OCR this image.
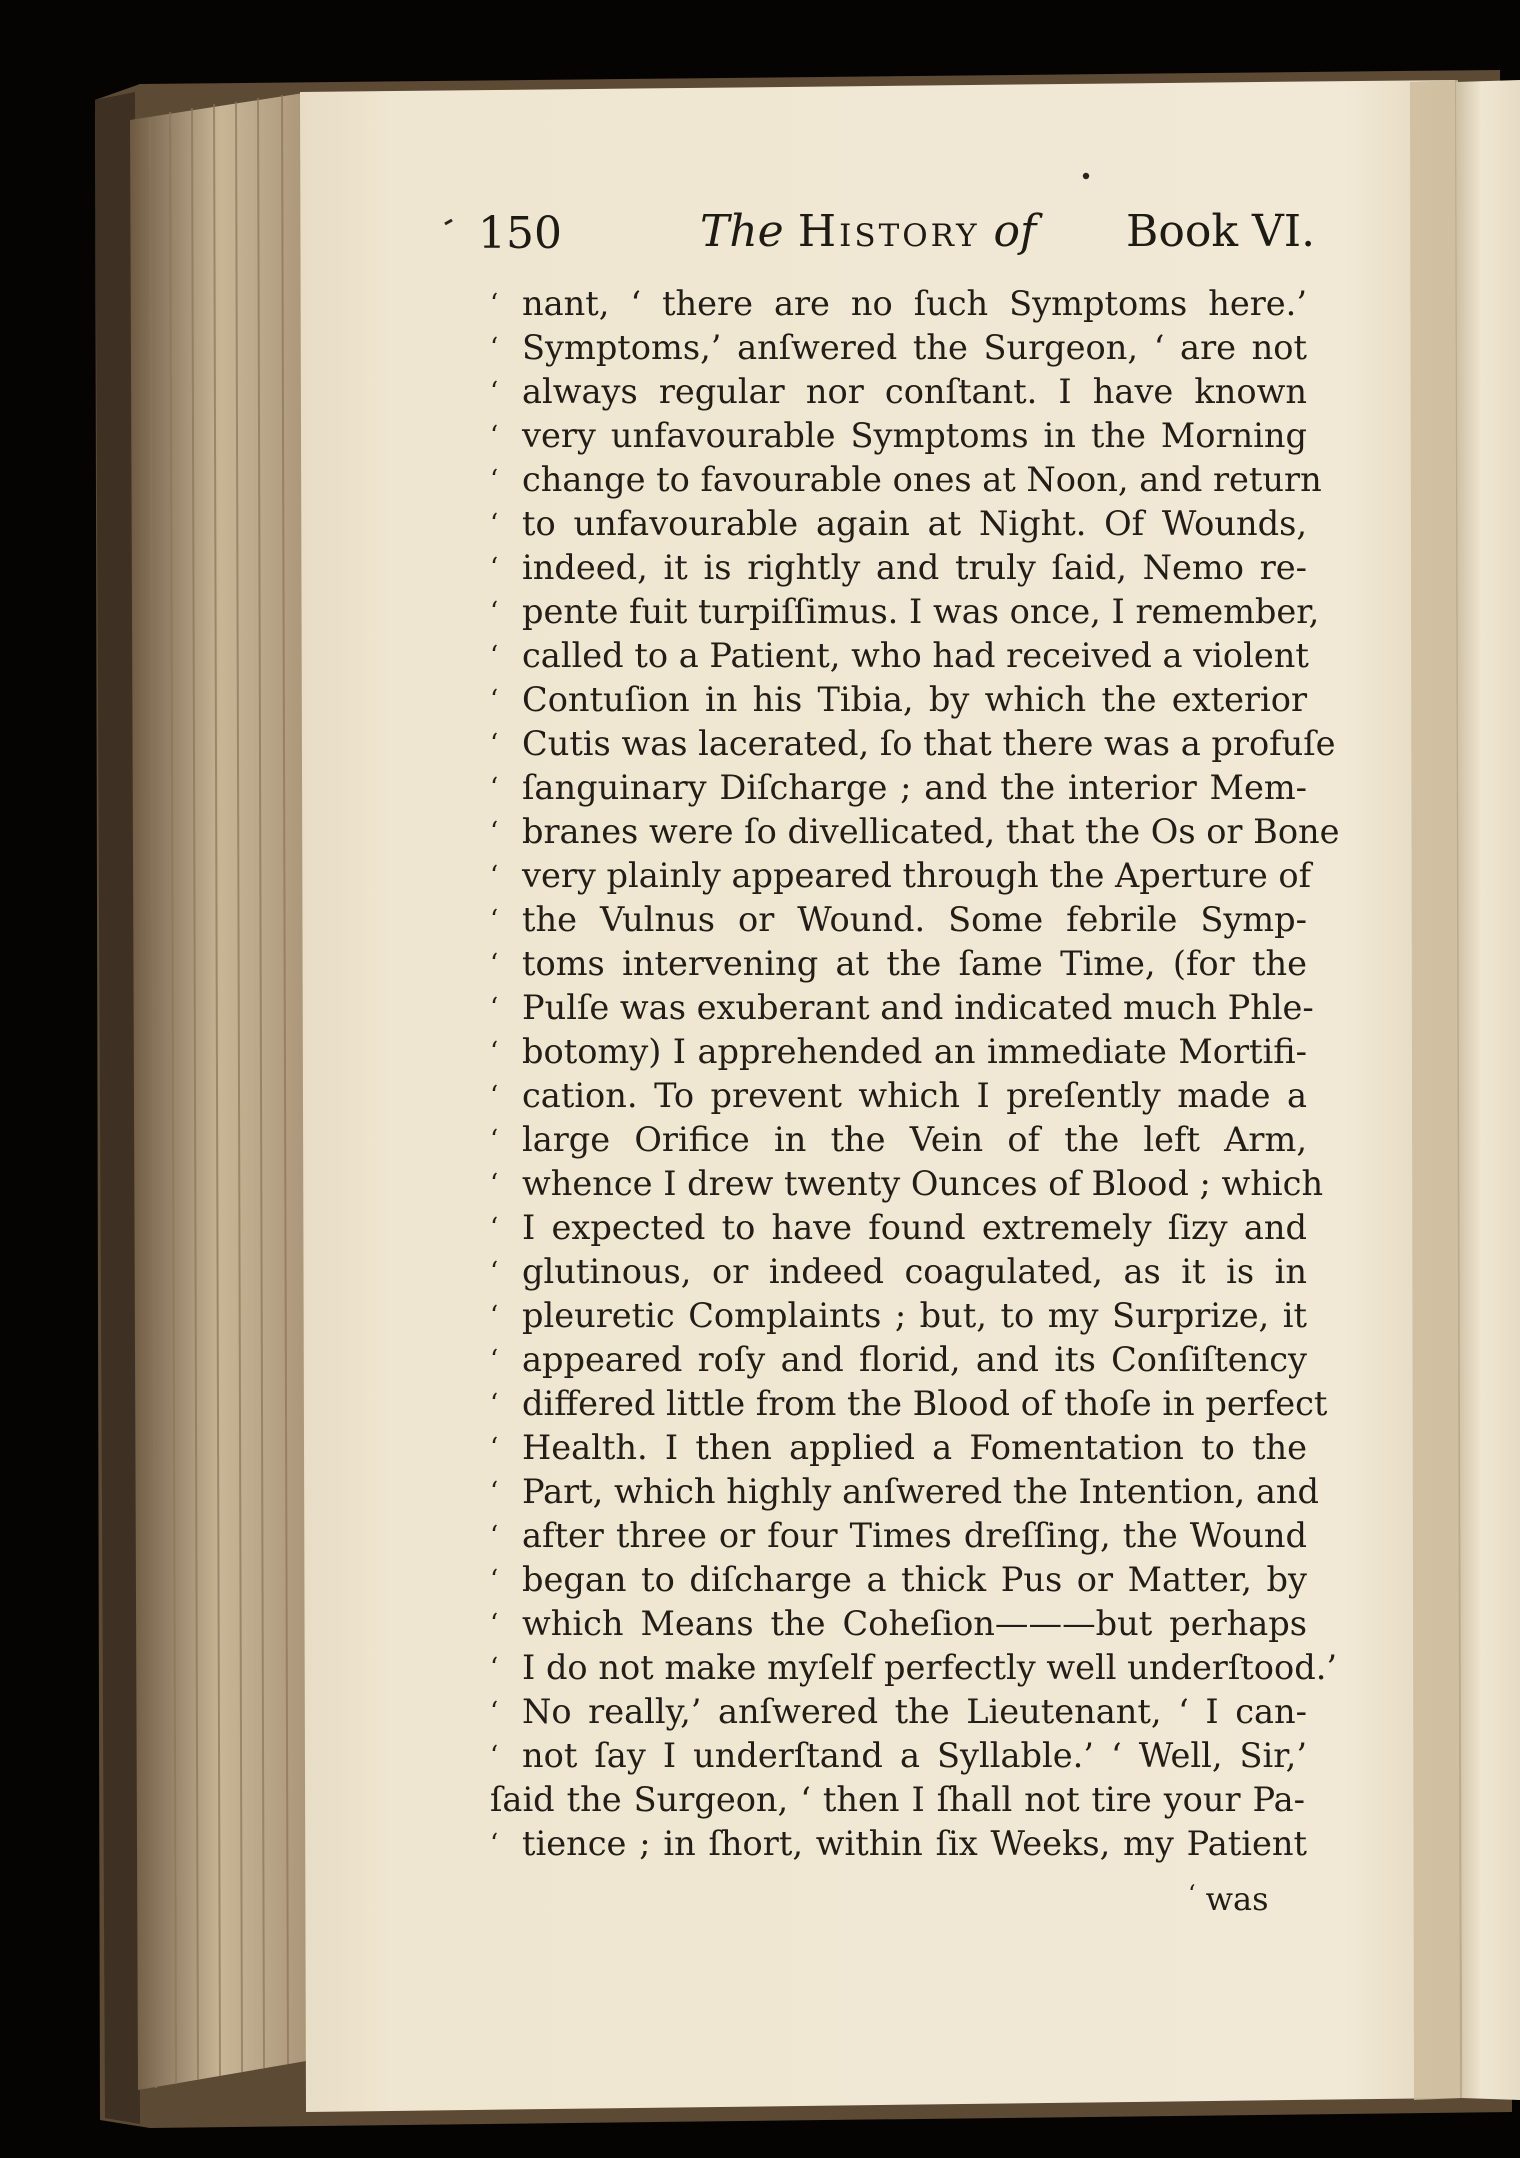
150	The History of Book VI.
‘ nant, ‘ there are no ſuch Symptoms here.’
‘ Symptoms,’ anſwered the Surgeon, ‘ are not
‘ always regular nor conſtant. I have known
‘ very unfavourable Symptoms in the Morning
‘ change to favourable ones at Noon, and return
‘ to unfavourable again at Night. Of Wounds,
‘ indeed, it is rightly and truly ſaid, Nemo re-
‘ pente fuit turpiſſimus. I was once, I remember,
‘ called to a Patient, who had received a violent
‘ Contuſion in his Tibia, by which the exterior
‘ Cutis was lacerated, ſo that there was a profuſe
‘ ſanguinary Diſcharge ; and the interior Mem-
‘ branes were ſo divellicated, that the Os or Bone
‘ very plainly appeared through the Aperture of
‘ the Vulnus or Wound. Some febrile Symp-
‘ toms intervening at the ſame Time, (for the
‘ Pulſe was exuberant and indicated much Phle-
‘ botomy) I apprehended an immediate Mortifi-
‘ cation. To prevent which I preſently made a
‘ large Orifice in the Vein of the left Arm,
‘ whence I drew twenty Ounces of Blood ; which
‘ I expected to have found extremely ſizy and
‘ glutinous, or indeed coagulated, as it is in
‘ pleuretic Complaints ; but, to my Surprize, it
‘ appeared roſy and florid, and its Conſiſtency
‘ differed little from the Blood of thoſe in perfect
‘ Health. I then applied a Fomentation to the
‘ Part, which highly anſwered the Intention, and
‘ after three or four Times dreſſing, the Wound
‘ began to diſcharge a thick Pus or Matter, by
‘ which Means the Coheſion———but perhaps
‘ I do not make myſelf perfectly well underſtood.’
‘ No really,’ anſwered the Lieutenant, ‘ I can-
‘ not ſay I underſtand a Syllable.’ ‘ Well, Sir,’
ſaid the Surgeon, ‘ then I ſhall not tire your Pa-
‘ tience ; in ſhort, within ſix Weeks, my Patient
‘ was
